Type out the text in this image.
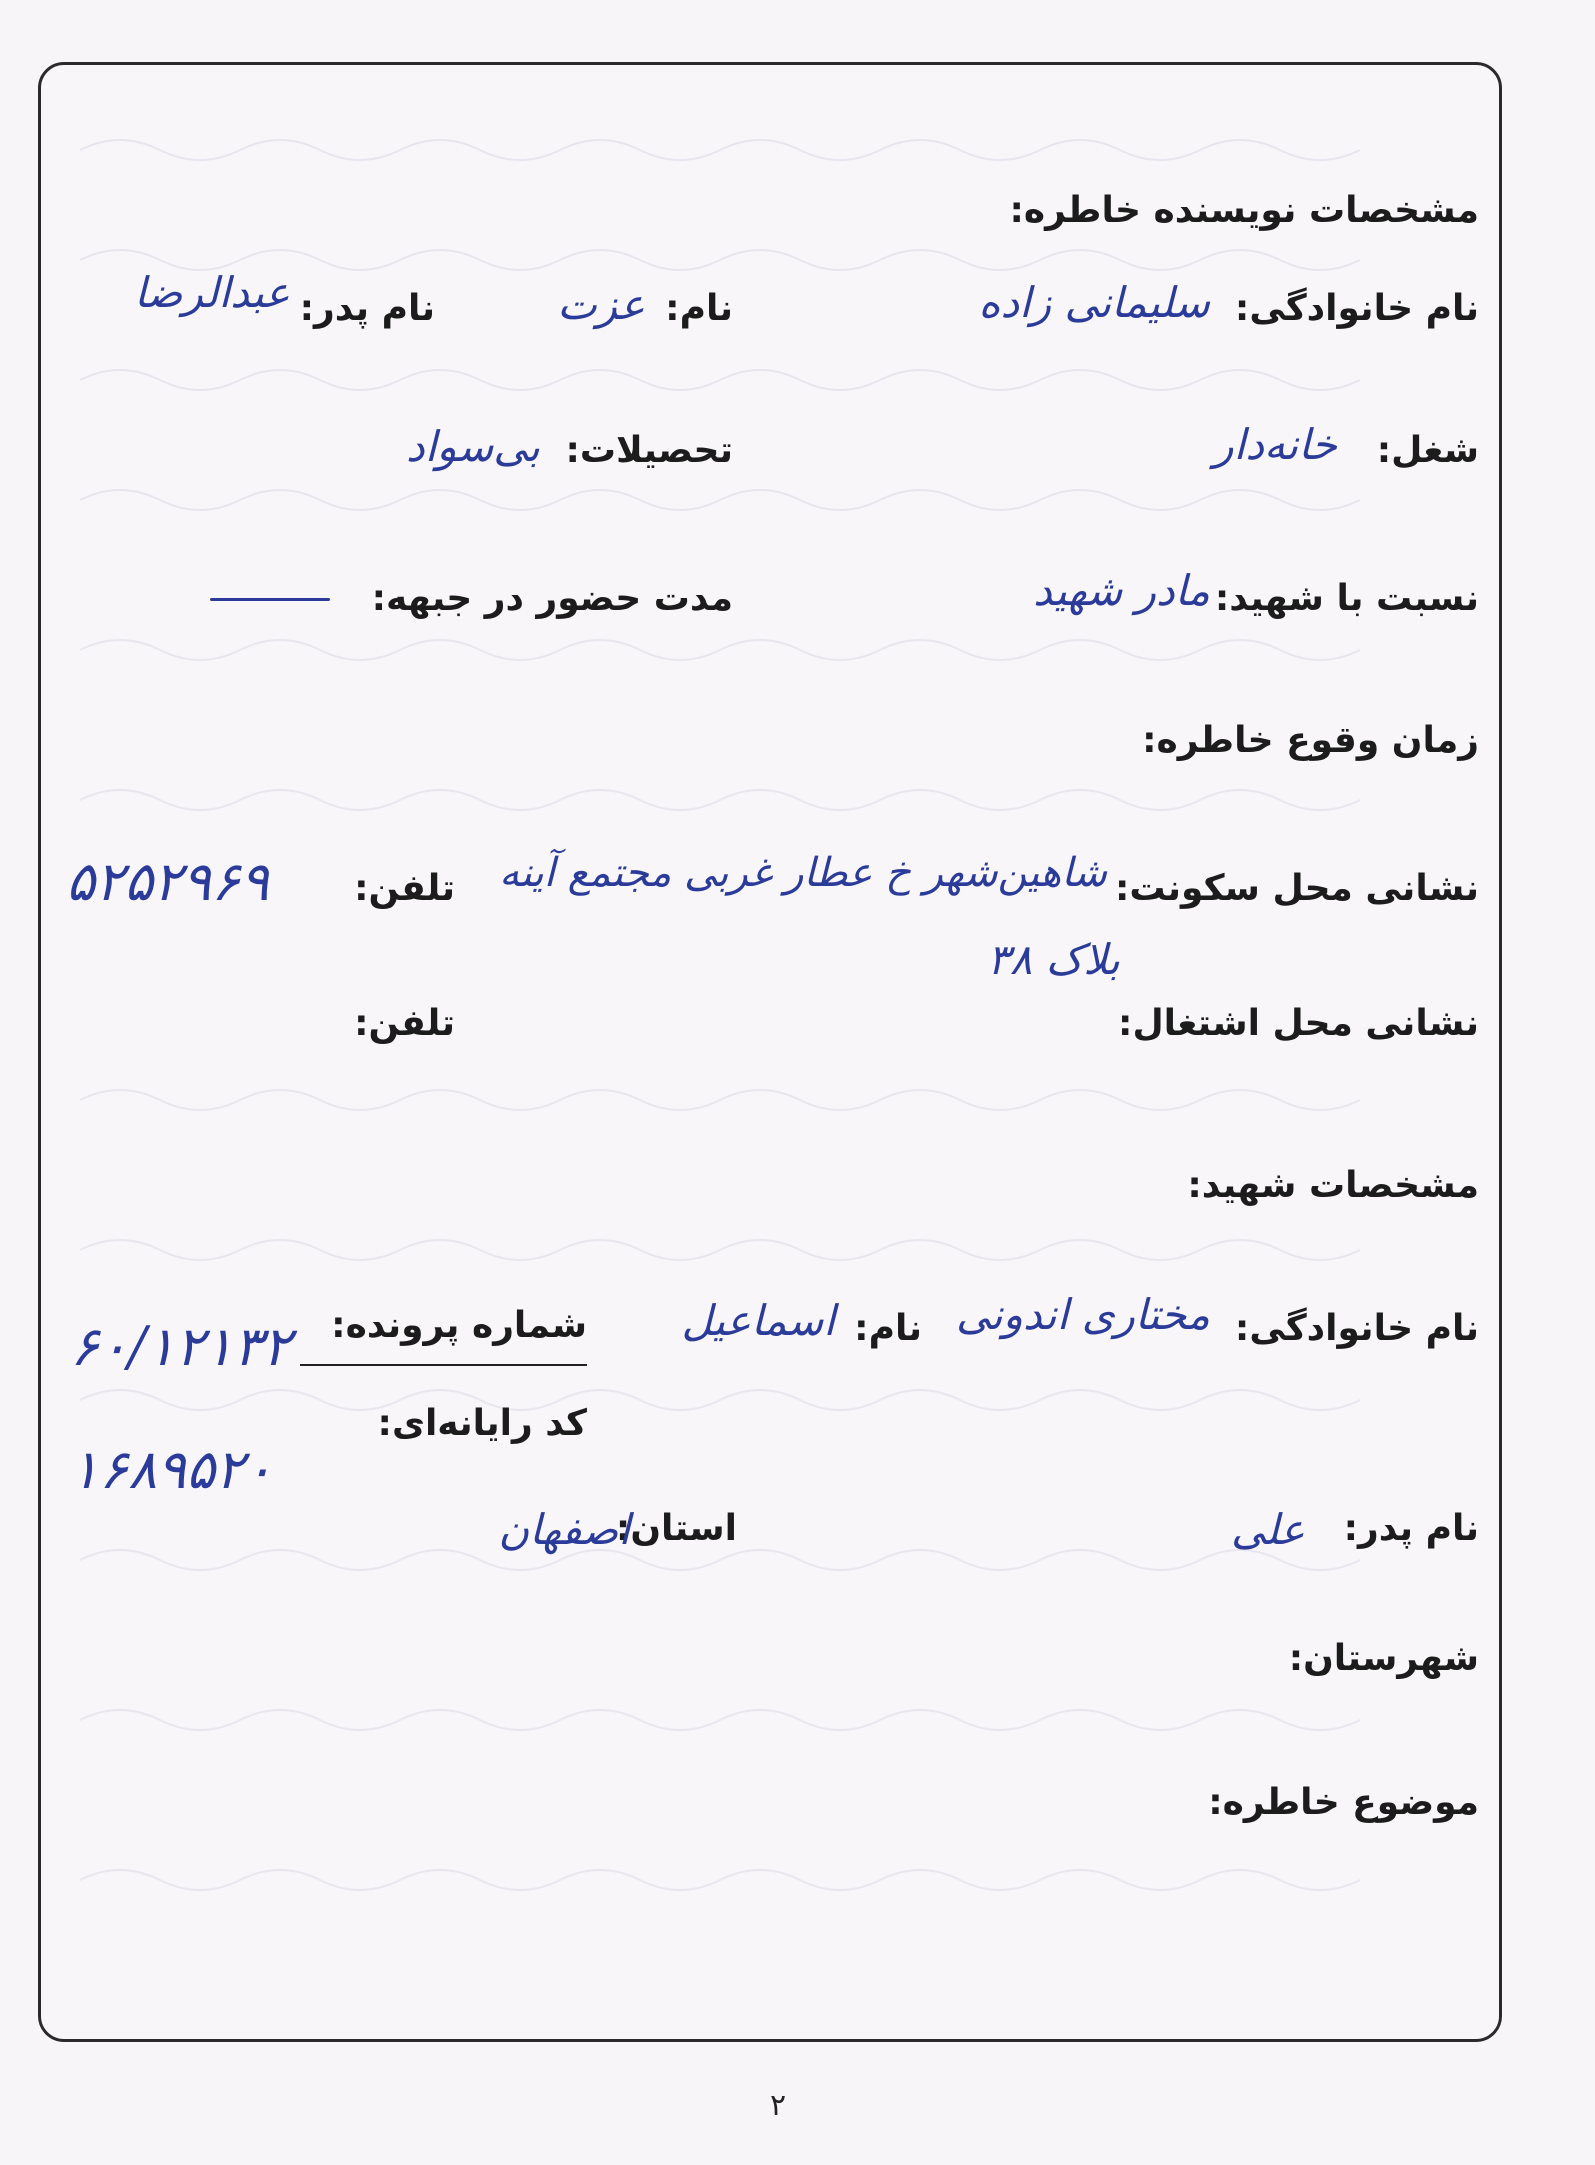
مشخصات نویسنده خاطره:
نام خانوادگی:
سلیمانی زاده
نام:
عزت
نام پدر:
عبدالرضا
شغل:
خانه‌دار
تحصیلات:
بی‌سواد
نسبت با شهید:
مادر شهید
مدت حضور در جبهه:
زمان وقوع خاطره:
نشانی محل سکونت:
شاهین‌شهر خ عطار غربی مجتمع آینه
بلاک ۳۸
تلفن:
۵۲۵۲۹۶۹
نشانی محل اشتغال:
تلفن:
مشخصات شهید:
نام خانوادگی:
مختاری اندونی
نام:
اسماعیل
شماره پرونده:
۶۰/۱۲۱۳۲
کد رایانه‌ای:
۱۶۸۹۵۲۰
نام پدر:
علی
استان:
اصفهان
شهرستان:
موضوع خاطره:
۲
